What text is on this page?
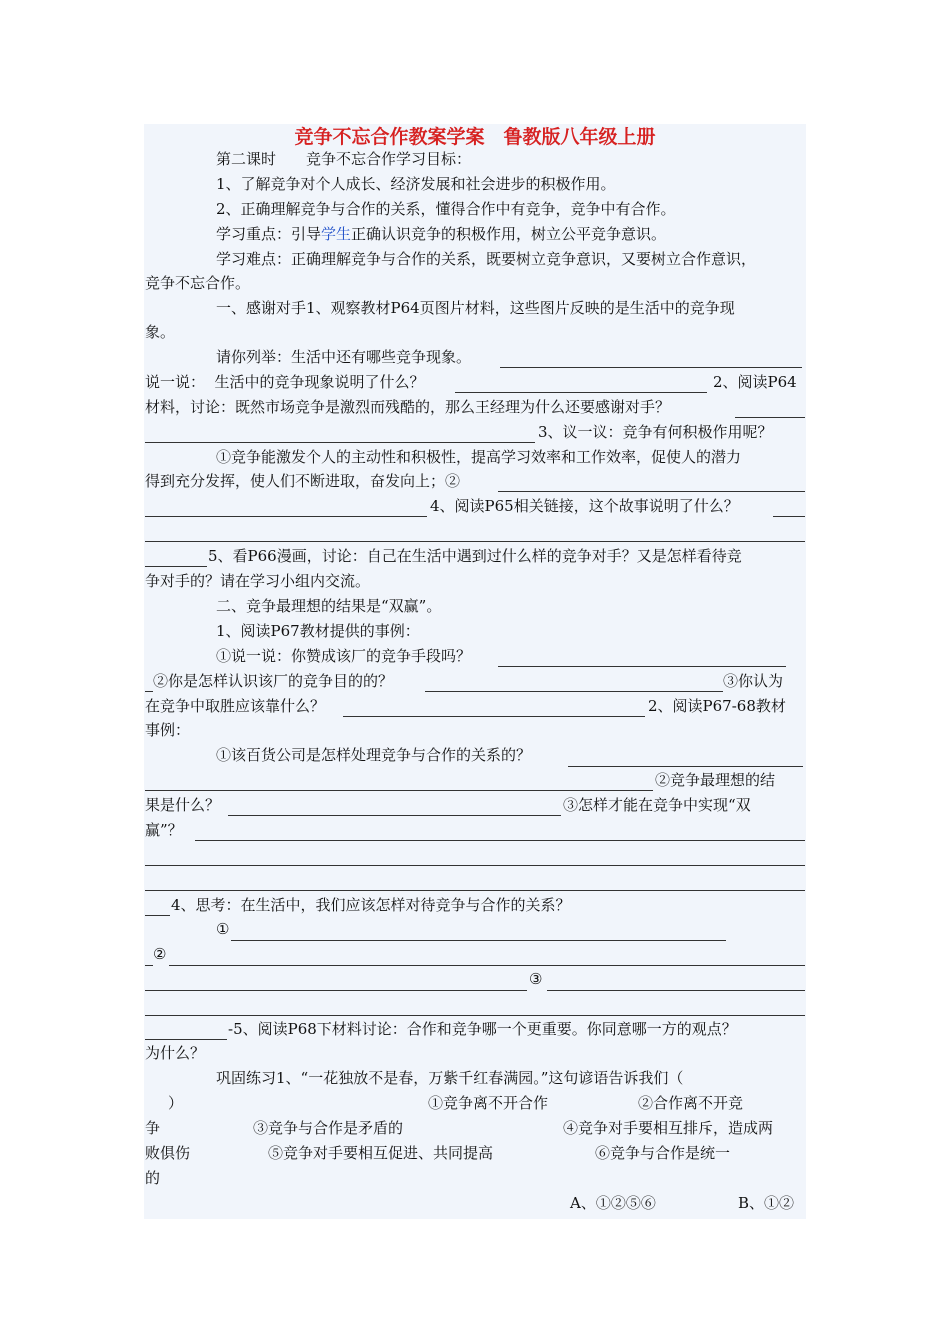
竞争不忘合作教案学案　鲁教版八年级上册
第二课时　　竞争不忘合作学习目标：
1、了解竞争对个人成长、经济发展和社会进步的积极作用。
2、正确理解竞争与合作的关系，懂得合作中有竞争，竞争中有合作。
学习重点：引导学生正确认识竞争的积极作用，树立公平竞争意识。
学习难点：正确理解竞争与合作的关系，既要树立竞争意识，又要树立合作意识，
竞争不忘合作。
一、感谢对手1、观察教材P64页图片材料，这些图片反映的是生活中的竞争现
象。
请你列举：生活中还有哪些竞争现象。
说一说：  生活中的竞争现象说明了什么？	2、阅读P64
材料，讨论：既然市场竞争是激烈而残酷的，那么王经理为什么还要感谢对手？
3、议一议：竞争有何积极作用呢？
①竞争能激发个人的主动性和积极性，提高学习效率和工作效率，促使人的潜力
得到充分发挥，使人们不断进取，奋发向上；②
4、阅读P65相关链接，这个故事说明了什么？
5、看P66漫画，讨论：自己在生活中遇到过什么样的竞争对手？又是怎样看待竞
争对手的？请在学习小组内交流。
二、竞争最理想的结果是“双赢”。
1、阅读P67教材提供的事例：
①说一说：你赞成该厂的竞争手段吗？
②你是怎样认识该厂的竞争目的的？	③你认为
在竞争中取胜应该靠什么？	2、阅读P67-68教材
事例：
①该百货公司是怎样处理竞争与合作的关系的？
②竞争最理想的结
果是什么？	③怎样才能在竞争中实现“双
赢”？
4、思考：在生活中，我们应该怎样对待竞争与合作的关系？
①
②
③
-5、阅读P68下材料讨论：合作和竞争哪一个更重要。你同意哪一方的观点？
为什么？
巩固练习1、“一花独放不是春，万紫千红春满园。”这句谚语告诉我们（
）	①竞争离不开合作	②合作离不开竞
争	③竞争与合作是矛盾的	④竞争对手要相互排斥，造成两
败俱伤	⑤竞争对手要相互促进、共同提高	⑥竞争与合作是统一
的
A、①②⑤⑥	B、①②
